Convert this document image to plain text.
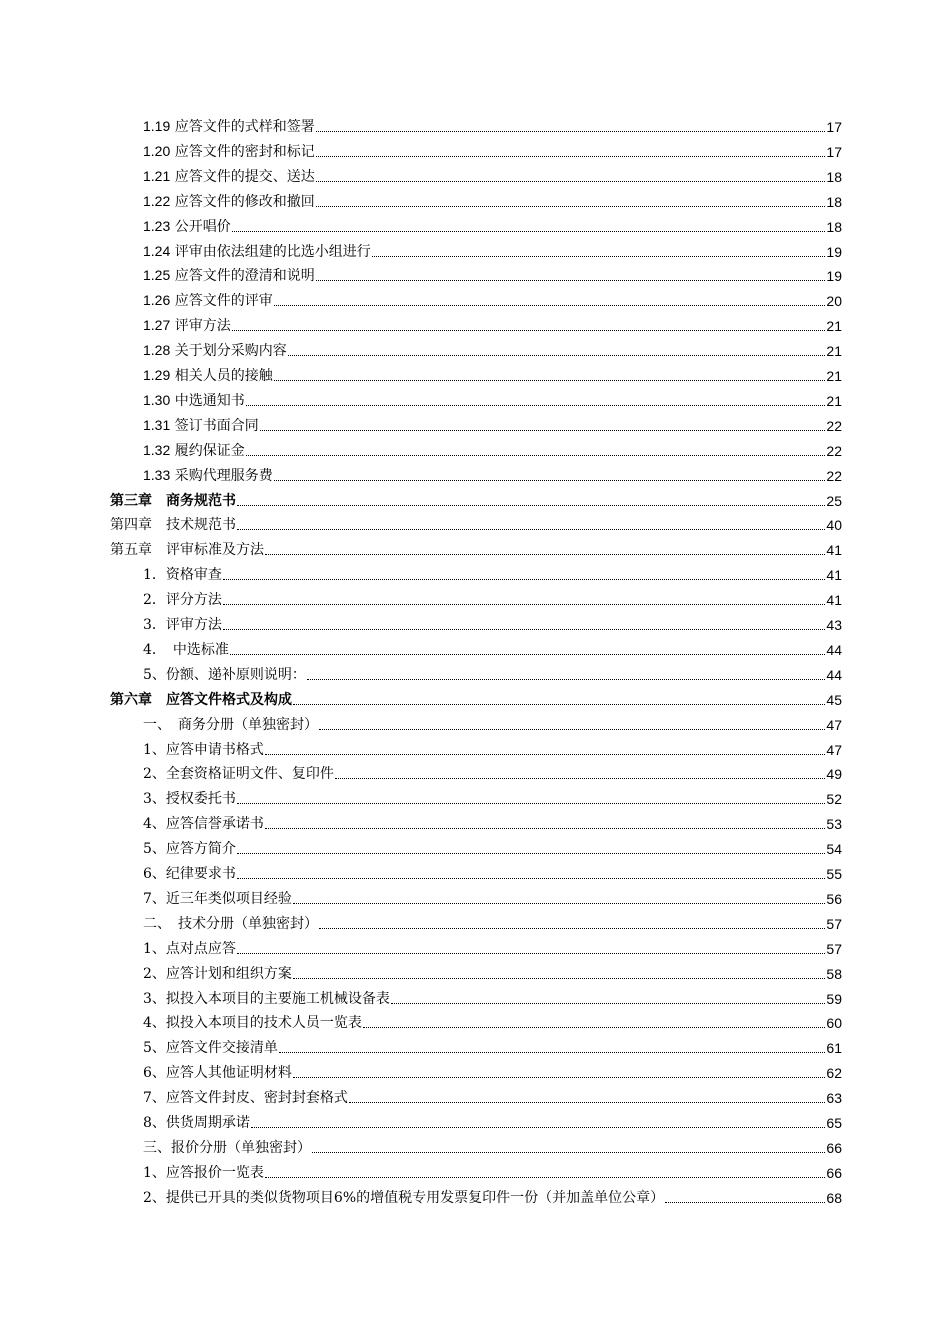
1.19 应答文件的式样和签署	17
1.20 应答文件的密封和标记	17
1.21 应答文件的提交、送达	18
1.22 应答文件的修改和撤回	18
1.23 公开唱价	18
1.24 评审由依法组建的比选小组进行	19
1.25 应答文件的澄清和说明	19
1.26 应答文件的评审	20
1.27 评审方法	21
1.28 关于划分采购内容	21
1.29 相关人员的接触	21
1.30 中选通知书	21
1.31 签订书面合同	22
1.32 履约保证金	22
1.33 采购代理服务费	22
第三章　商务规范书	25
第四章　技术规范书	40
第五章　评审标准及方法	41
1．资格审查	41
2．评分方法	41
3．评审方法	43
4．　中选标准	44
5、份额、递补原则说明：	44
第六章　应答文件格式及构成	45
一、　商务分册（单独密封）	47
1、应答申请书格式	47
2、全套资格证明文件、复印件	49
3、授权委托书	52
4、应答信誉承诺书	53
5、应答方简介	54
6、纪律要求书	55
7、近三年类似项目经验	56
二、　技术分册（单独密封）	57
1、点对点应答	57
2、应答计划和组织方案	58
3、拟投入本项目的主要施工机械设备表	59
4、拟投入本项目的技术人员一览表	60
5、应答文件交接清单	61
6、应答人其他证明材料	62
7、应答文件封皮、密封封套格式	63
8、供货周期承诺	65
三、报价分册（单独密封）	66
1、应答报价一览表	66
2、提供已开具的类似货物项目6%的增值税专用发票复印件一份（并加盖单位公章）	68
